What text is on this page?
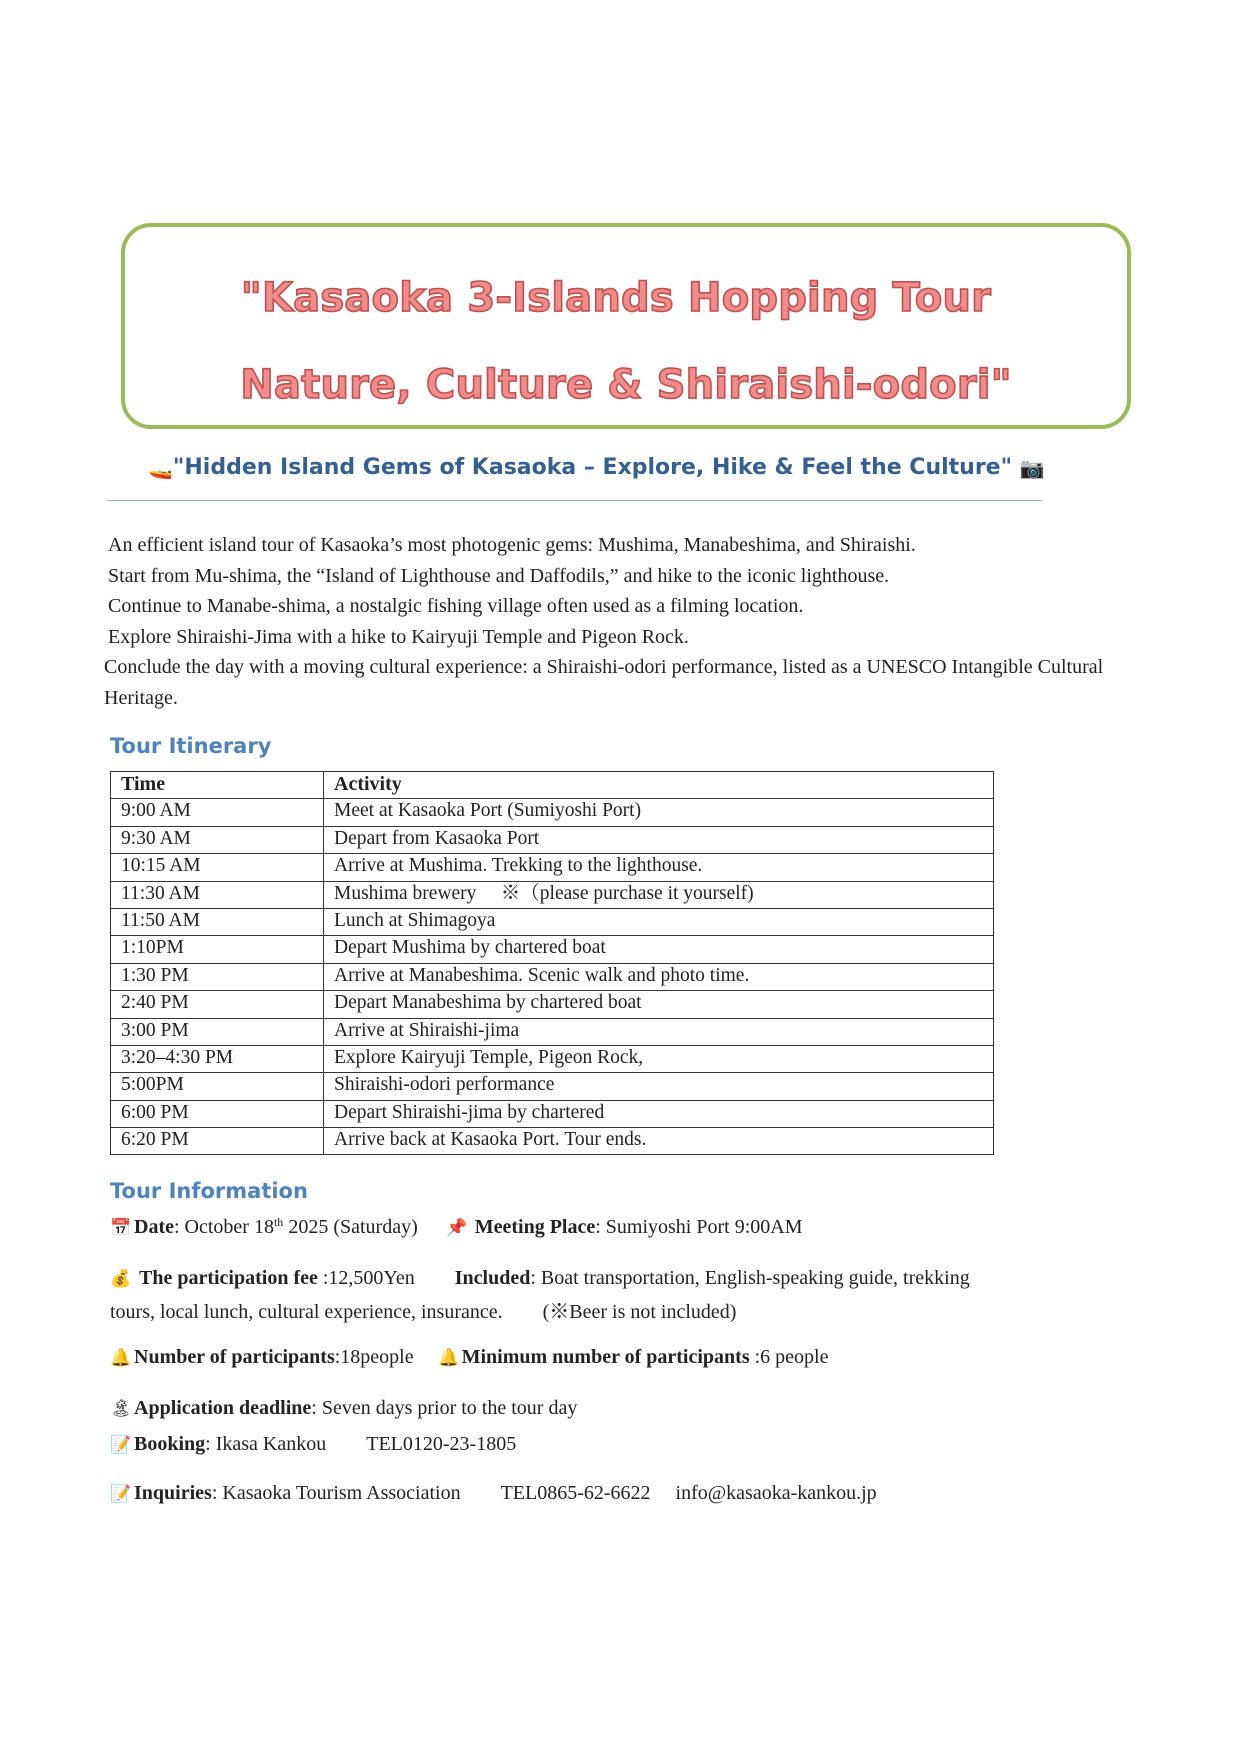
"Kasaoka 3-Islands Hopping Tour
Nature, Culture & Shiraishi-odori"
🚤"Hidden Island Gems of Kasaoka – Explore, Hike & Feel the Culture" 📷

An efficient island tour of Kasaoka’s most photogenic gems: Mushima, Manabeshima, and Shiraishi.

Start from Mu-shima, the “Island of Lighthouse and Daffodils,” and hike to the iconic lighthouse.

Continue to Manabe-shima, a nostalgic fishing village often used as a filming location.

Explore Shiraishi-Jima with a hike to Kairyuji Temple and Pigeon Rock.

Conclude the day with a moving cultural experience: a Shiraishi-odori performance, listed as a UNESCO Intangible Cultural Heritage.

Tour Itinerary
Time	Activity
9:00 AM	Meet at Kasaoka Port (Sumiyoshi Port)
9:30 AM	Depart from Kasaoka Port
10:15 AM	Arrive at Mushima. Trekking to the lighthouse.
11:30 AM	Mushima brewery　 ※（please purchase it yourself)
11:50 AM	Lunch at Shimagoya
1:10PM	Depart Mushima by chartered boat
1:30 PM	Arrive at Manabeshima. Scenic walk and photo time.
2:40 PM	Depart Manabeshima by chartered boat
3:00 PM	Arrive at Shiraishi-jima
3:20–4:30 PM	Explore Kairyuji Temple, Pigeon Rock,
5:00PM	Shiraishi-odori performance
6:00 PM	Depart Shiraishi-jima by chartered
6:20 PM	Arrive back at Kasaoka Port. Tour ends.
Tour Information
📅 Date: October 18th 2025 (Saturday) 📌 Meeting Place: Sumiyoshi Port 9:00AM
💰 The participation fee :12,500Yen Included: Boat transportation, English-speaking guide, trekking
tours, local lunch, cultural experience, insurance.　　(※Beer is not included)
🔔 Number of participants:18people 🔔 Minimum number of participants :6 people
🏝 Application deadline: Seven days prior to the tour day
📝 Booking: Ikasa Kankou　　TEL0120-23-1805
📝 Inquiries: Kasaoka Tourism Association　　TEL0865-62-6622　 info@kasaoka-kankou.jp
